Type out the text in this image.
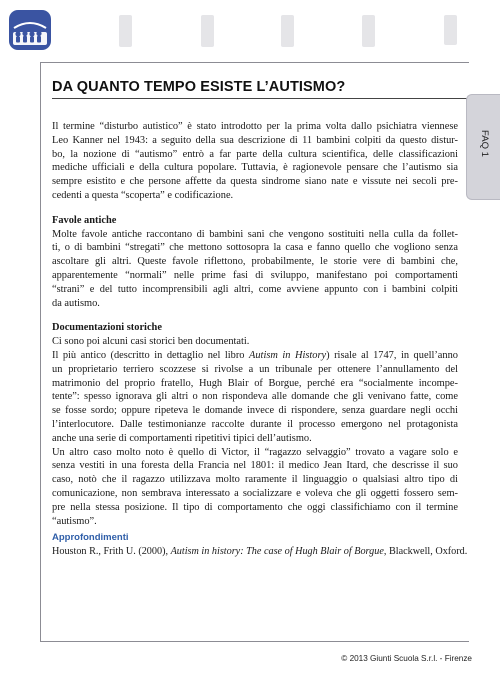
DA QUANTO TEMPO ESISTE L’AUTISMO?
FAQ 1

Il termine “disturbo autistico” è stato introdotto per la prima volta dallo psichiatra viennese
Leo Kanner nel 1943: a seguito della sua descrizione di 11 bambini colpiti da questo distur-
bo, la nozione di “autismo” entrò a far parte della cultura scientifica, delle classificazioni
mediche ufficiali e della cultura popolare. Tuttavia, è ragionevole pensare che l’autismo sia
sempre esistito e che persone affette da questa sindrome siano nate e vissute nei secoli pre-
cedenti a questa “scoperta” e codificazione.

Favole antiche

Molte favole antiche raccontano di bambini sani che vengono sostituiti nella culla da follet-
ti, o di bambini “stregati” che mettono sottosopra la casa e fanno quello che vogliono senza
ascoltare gli altri. Queste favole riflettono, probabilmente, le storie vere di bambini che,
apparentemente “normali” nelle prime fasi di sviluppo, manifestano poi comportamenti
“strani” e del tutto incomprensibili agli altri, come avviene appunto con i bambini colpiti
da autismo.

Documentazioni storiche

Ci sono poi alcuni casi storici ben documentati.
Il più antico (descritto in dettaglio nel libro Autism in History) risale al 1747, in quell’anno
un proprietario terriero scozzese si rivolse a un tribunale per ottenere l’annullamento del
matrimonio del proprio fratello, Hugh Blair of Borgue, perché era “socialmente incompe-
tente”: spesso ignorava gli altri o non rispondeva alle domande che gli venivano fatte, come
se fosse sordo; oppure ripeteva le domande invece di rispondere, senza guardare negli occhi
l’interlocutore. Dalle testimonianze raccolte durante il processo emergono nel protagonista
anche una serie di comportamenti ripetitivi tipici dell’autismo.
Un altro caso molto noto è quello di Victor, il “ragazzo selvaggio” trovato a vagare solo e
senza vestiti in una foresta della Francia nel 1801: il medico Jean Itard, che descrisse il suo
caso, notò che il ragazzo utilizzava molto raramente il linguaggio o qualsiasi altro tipo di
comunicazione, non sembrava interessato a socializzare e voleva che gli oggetti fossero sem-
pre nella stessa posizione. Il tipo di comportamento che oggi classifichiamo con il termine
“autismo”.

Approfondimenti
Houston R., Frith U. (2000), Autism in history: The case of Hugh Blair of Borgue, Blackwell, Oxford.
© 2013 Giunti Scuola S.r.l. - Firenze
